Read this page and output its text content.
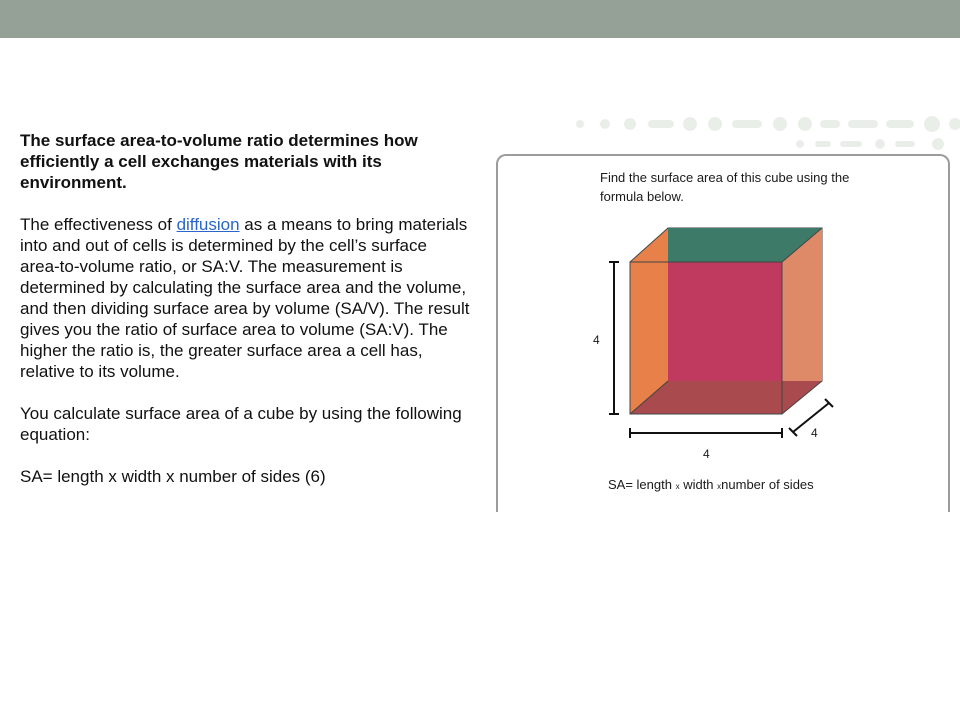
The surface area-to-volume ratio determines how efficiently a cell exchanges materials with its environment.

The effectiveness of diffusion as a means to bring materials into and out of cells is determined by the cell’s surface area-to-volume ratio, or SA:V. The measurement is determined by calculating the surface area and the volume, and then dividing surface area by volume (SA/V). The result gives you the ratio of surface area to volume (SA:V). The higher the ratio is, the greater surface area a cell has, relative to its volume.

You calculate surface area of a cube by using the following equation:

SA= length x width x number of sides (6)

Find the surface area of this cube using the formula below.
4
4
4
SA= length x width xnumber of sides
